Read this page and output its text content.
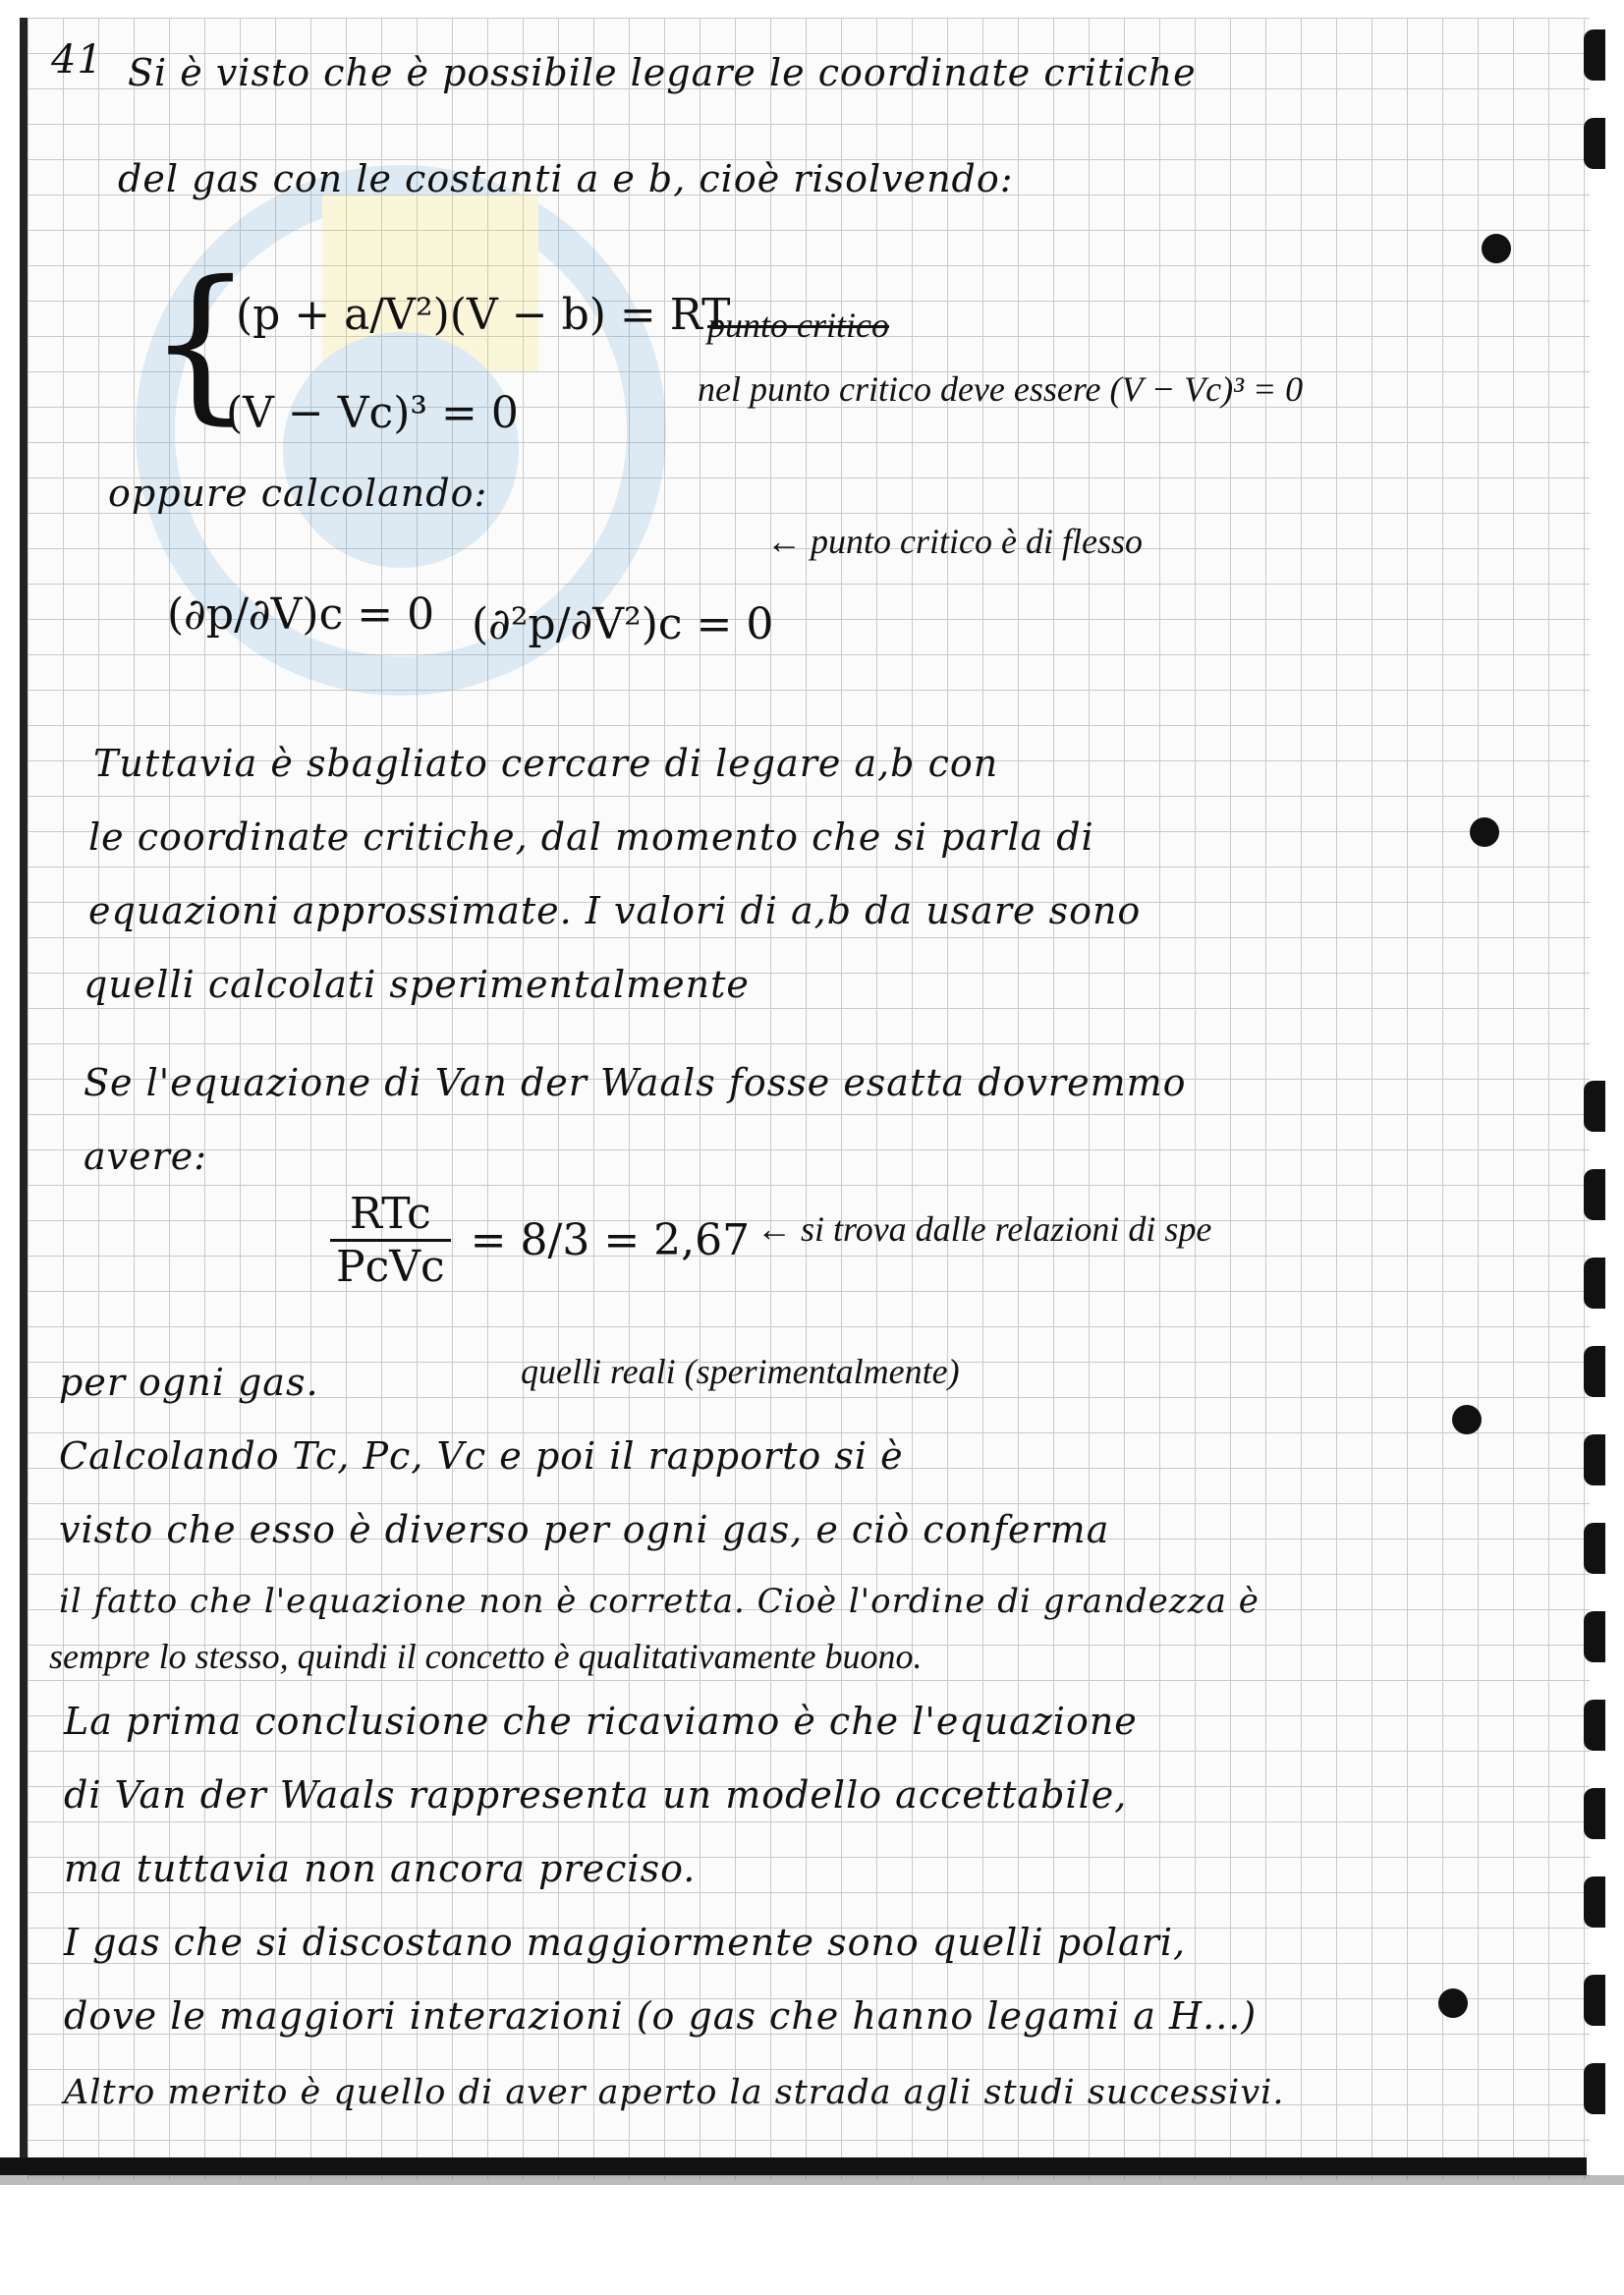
41 Si è visto che è possibile legare le coordinate critiche
del gas con le costanti a e b, cioè risolvendo:
{
(p + a/V²)(V − b) = RT
punto critico
(V − Vc)³ = 0	nel punto critico deve essere (V − Vc)³ = 0
oppure calcolando:
← punto critico è di flesso
(∂p/∂V)c = 0 (∂²p/∂V²)c = 0
Tuttavia è sbagliato cercare di legare a,b con
le coordinate critiche, dal momento che si parla di
equazioni approssimate. I valori di a,b da usare sono
quelli calcolati sperimentalmente
Se l'equazione di Van der Waals fosse esatta dovremmo
avere:
$\frac{\text{RTc}}{\text{PcVc}} = 8/3 = 2,67$ ← si trova dalle relazioni di spe
per ogni gas.	quelli reali (sperimentalmente)
Calcolando Tc, Pc, Vc e poi il rapporto si è
visto che esso è diverso per ogni gas, e ciò conferma
il fatto che l'equazione non è corretta. Cioè l'ordine di grandezza è
sempre lo stesso, quindi il concetto è qualitativamente buono.
La prima conclusione che ricaviamo è che l'equazione
di Van der Waals rappresenta un modello accettabile,
ma tuttavia non ancora preciso.
I gas che si discostano maggiormente sono quelli polari,
dove le maggiori interazioni (o gas che hanno legami a H...)
Altro merito è quello di aver aperto la strada agli studi successivi.
